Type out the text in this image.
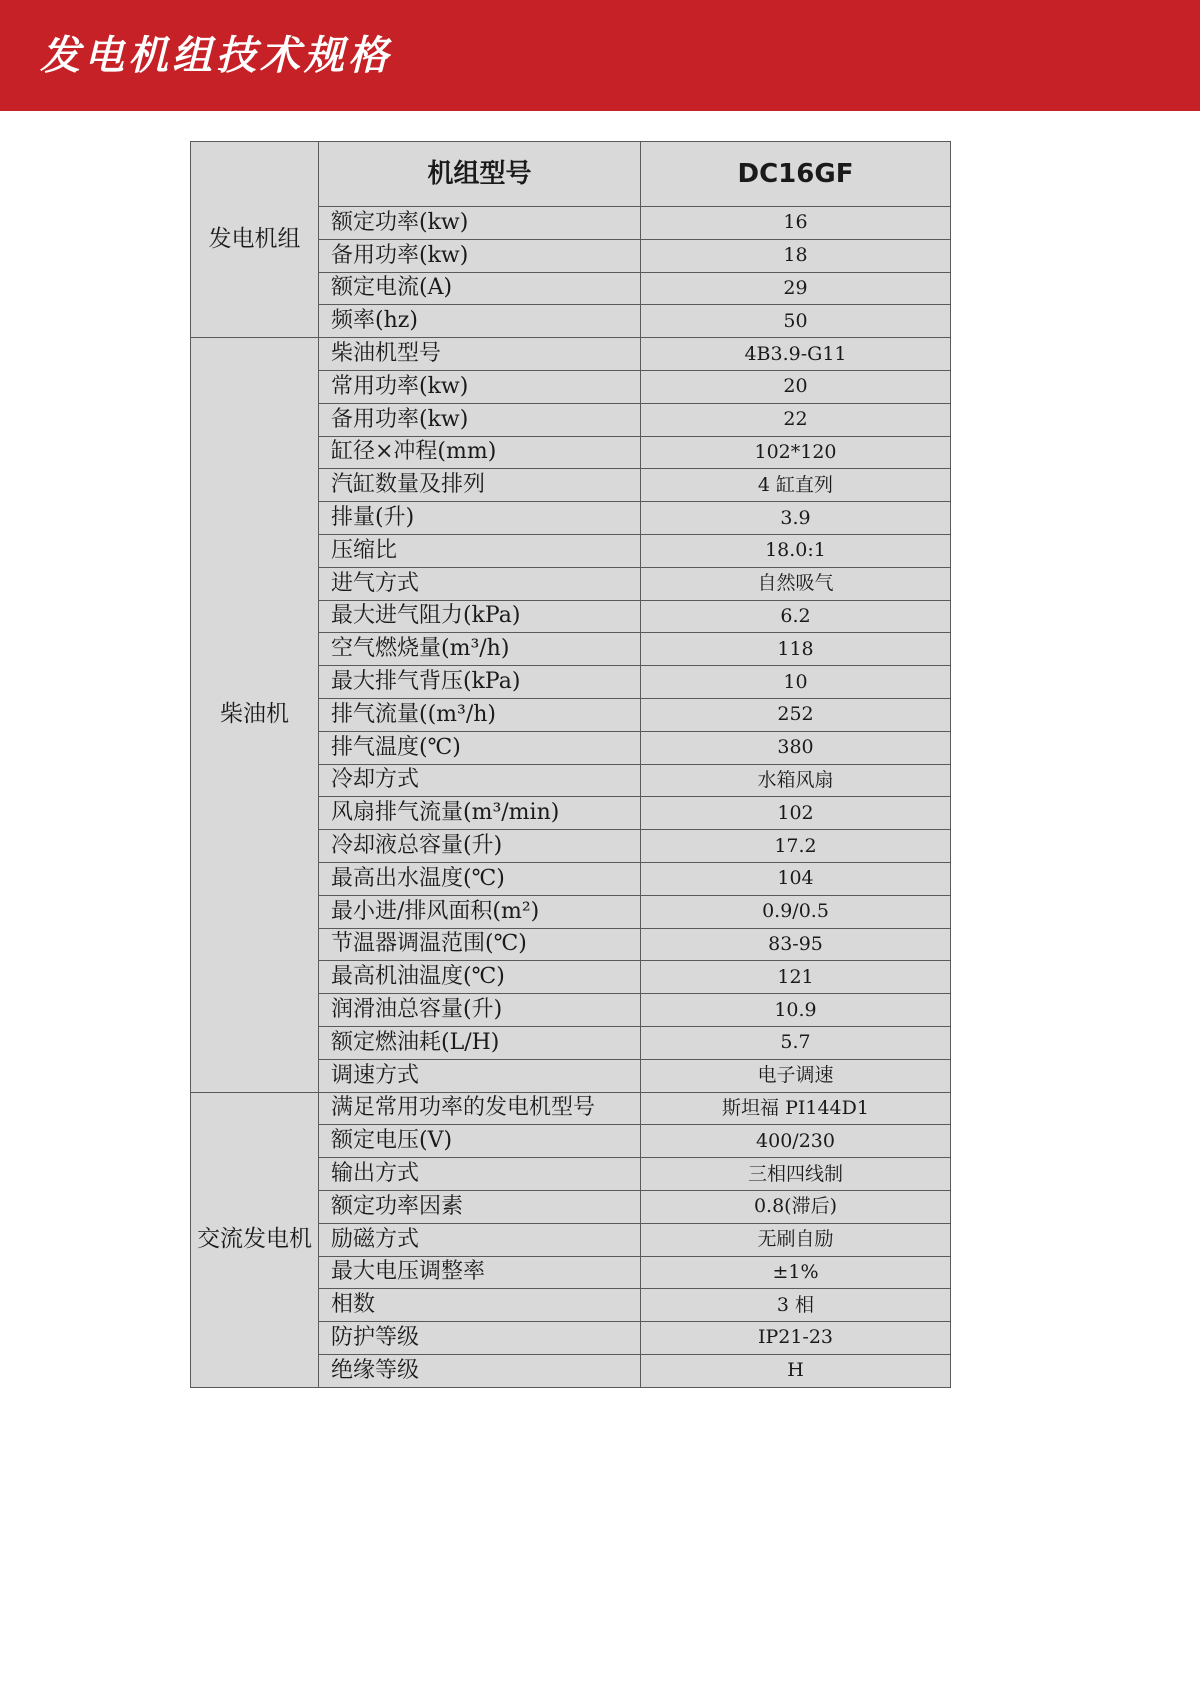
发电机组技术规格
发电机组	机组型号	DC16GF
	额定功率(kw)	16
	备用功率(kw)	18
	额定电流(A)	29
	频率(hz)	50
柴油机	柴油机型号	4B3.9-G11
	常用功率(kw)	20
	备用功率(kw)	22
	缸径×冲程(mm)	102*120
	汽缸数量及排列	4 缸直列
	排量(升)	3.9
	压缩比	18.0:1
	进气方式	自然吸气
	最大进气阻力(kPa)	6.2
	空气燃烧量(m³/h)	118
	最大排气背压(kPa)	10
	排气流量((m³/h)	252
	排气温度(℃)	380
	冷却方式	水箱风扇
	风扇排气流量(m³/min)	102
	冷却液总容量(升)	17.2
	最高出水温度(℃)	104
	最小进/排风面积(m²)	0.9/0.5
	节温器调温范围(℃)	83-95
	最高机油温度(℃)	121
	润滑油总容量(升)	10.9
	额定燃油耗(L/H)	5.7
	调速方式	电子调速
交流发电机	满足常用功率的发电机型号	斯坦福 PI144D1
	额定电压(V)	400/230
	输出方式	三相四线制
	额定功率因素	0.8(滞后)
	励磁方式	无刷自励
	最大电压调整率	±1%
	相数	3 相
	防护等级	IP21-23
	绝缘等级	H
